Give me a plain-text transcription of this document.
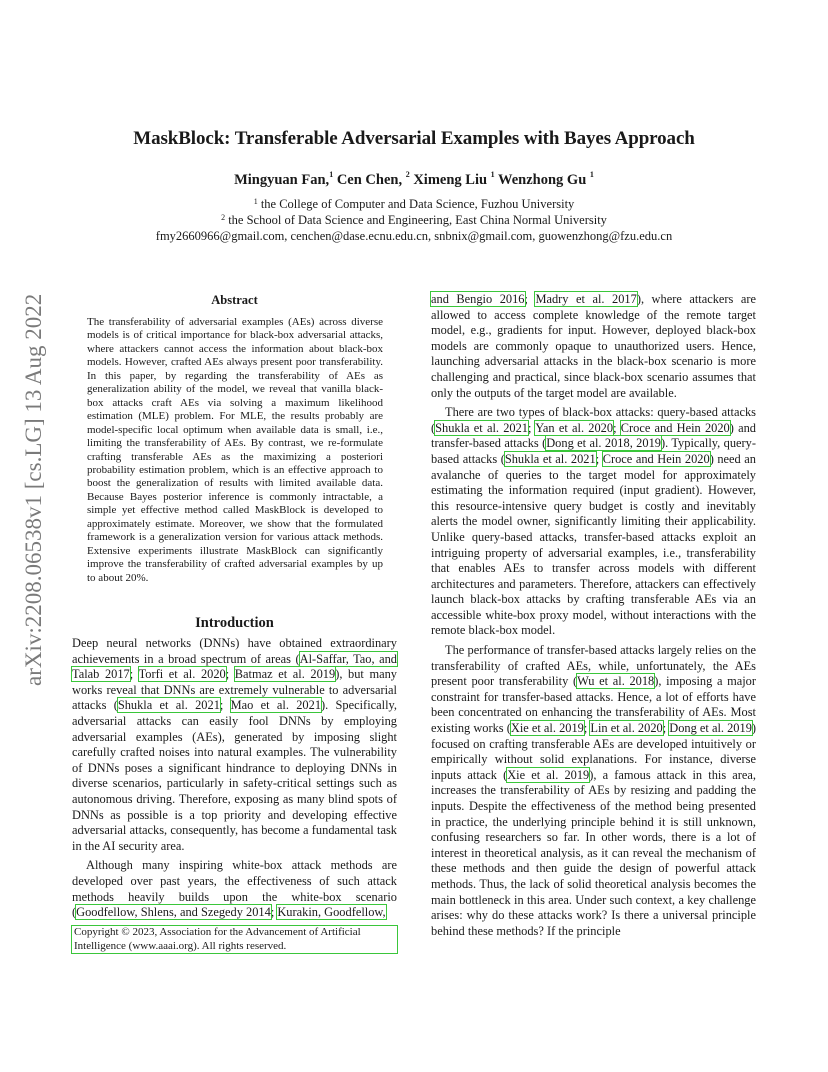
arXiv:2208.06538v1 [cs.LG] 13 Aug 2022
MaskBlock: Transferable Adversarial Examples with Bayes Approach
Mingyuan Fan,$^1$ Cen Chen, $^2$ Ximeng Liu $^1$ Wenzhong Gu $^1$
$^1$ the College of Computer and Data Science, Fuzhou University
$^2$ the School of Data Science and Engineering, East China Normal University
fmy2660966@gmail.com, cenchen@dase.ecnu.edu.cn, snbnix@gmail.com, guowenzhong@fzu.edu.cn
Abstract
The transferability of adversarial examples (AEs) across diverse models is of critical importance for black-box adversarial attacks, where attackers cannot access the information about black-box models. However, crafted AEs always present poor transferability. In this paper, by regarding the transferability of AEs as generalization ability of the model, we reveal that vanilla black-box attacks craft AEs via solving a maximum likelihood estimation (MLE) problem. For MLE, the results probably are model-specific local optimum when available data is small, i.e., limiting the transferability of AEs. By contrast, we re-formulate crafting transferable AEs as the maximizing a posteriori probability estimation problem, which is an effective approach to boost the generalization of results with limited available data. Because Bayes posterior inference is commonly intractable, a simple yet effective method called MaskBlock is developed to approximately estimate. Moreover, we show that the formulated framework is a generalization version for various attack methods. Extensive experiments illustrate MaskBlock can significantly improve the transferability of crafted adversarial examples by up to about 20%.
Introduction

Deep neural networks (DNNs) have obtained extraordinary achievements in a broad spectrum of areas (Al-Saffar, Tao, and Talab 2017; Torfi et al. 2020; Batmaz et al. 2019), but many works reveal that DNNs are extremely vulnerable to adversarial attacks (Shukla et al. 2021; Mao et al. 2021). Specifically, adversarial attacks can easily fool DNNs by employing adversarial examples (AEs), generated by imposing slight carefully crafted noises into natural examples. The vulnerability of DNNs poses a significant hindrance to deploying DNNs in diverse scenarios, particularly in safety-critical settings such as autonomous driving. Therefore, exposing as many blind spots of DNNs as possible is a top priority and developing effective adversarial attacks, consequently, has become a fundamental task in the AI security area.

Although many inspiring white-box attack methods are developed over past years, the effectiveness of such attack methods heavily builds upon the white-box scenario (Goodfellow, Shlens, and Szegedy 2014; Kurakin, Goodfellow,

Copyright © 2023, Association for the Advancement of Artificial Intelligence (www.aaai.org). All rights reserved.

and Bengio 2016; Madry et al. 2017), where attackers are allowed to access complete knowledge of the remote target model, e.g., gradients for input. However, deployed black-box models are commonly opaque to unauthorized users. Hence, launching adversarial attacks in the black-box scenario is more challenging and practical, since black-box scenario assumes that only the outputs of the target model are available.

There are two types of black-box attacks: query-based attacks (Shukla et al. 2021; Yan et al. 2020; Croce and Hein 2020) and transfer-based attacks (Dong et al. 2018, 2019). Typically, query-based attacks (Shukla et al. 2021; Croce and Hein 2020) need an avalanche of queries to the target model for approximately estimating the information required (input gradient). However, this resource-intensive query budget is costly and inevitably alerts the model owner, significantly limiting their applicability. Unlike query-based attacks, transfer-based attacks exploit an intriguing property of adversarial examples, i.e., transferability that enables AEs to transfer across models with different architectures and parameters. Therefore, attackers can effectively launch black-box attacks by crafting transferable AEs via an accessible white-box proxy model, without interactions with the remote black-box model.

The performance of transfer-based attacks largely relies on the transferability of crafted AEs, while, unfortunately, the AEs present poor transferability (Wu et al. 2018), imposing a major constraint for transfer-based attacks. Hence, a lot of efforts have been concentrated on enhancing the transferability of AEs. Most existing works (Xie et al. 2019; Lin et al. 2020; Dong et al. 2019) focused on crafting transferable AEs are developed intuitively or empirically without solid explanations. For instance, diverse inputs attack (Xie et al. 2019), a famous attack in this area, increases the transferability of AEs by resizing and padding the inputs. Despite the effectiveness of the method being presented in practice, the underlying principle behind it is still unknown, confusing researchers so far. In other words, there is a lot of interest in theoretical analysis, as it can reveal the mechanism of these methods and then guide the design of powerful attack methods. Thus, the lack of solid theoretical analysis becomes the main bottleneck in this area. Under such context, a key challenge arises: why do these attacks work? Is there a universal principle behind these methods? If the principle
